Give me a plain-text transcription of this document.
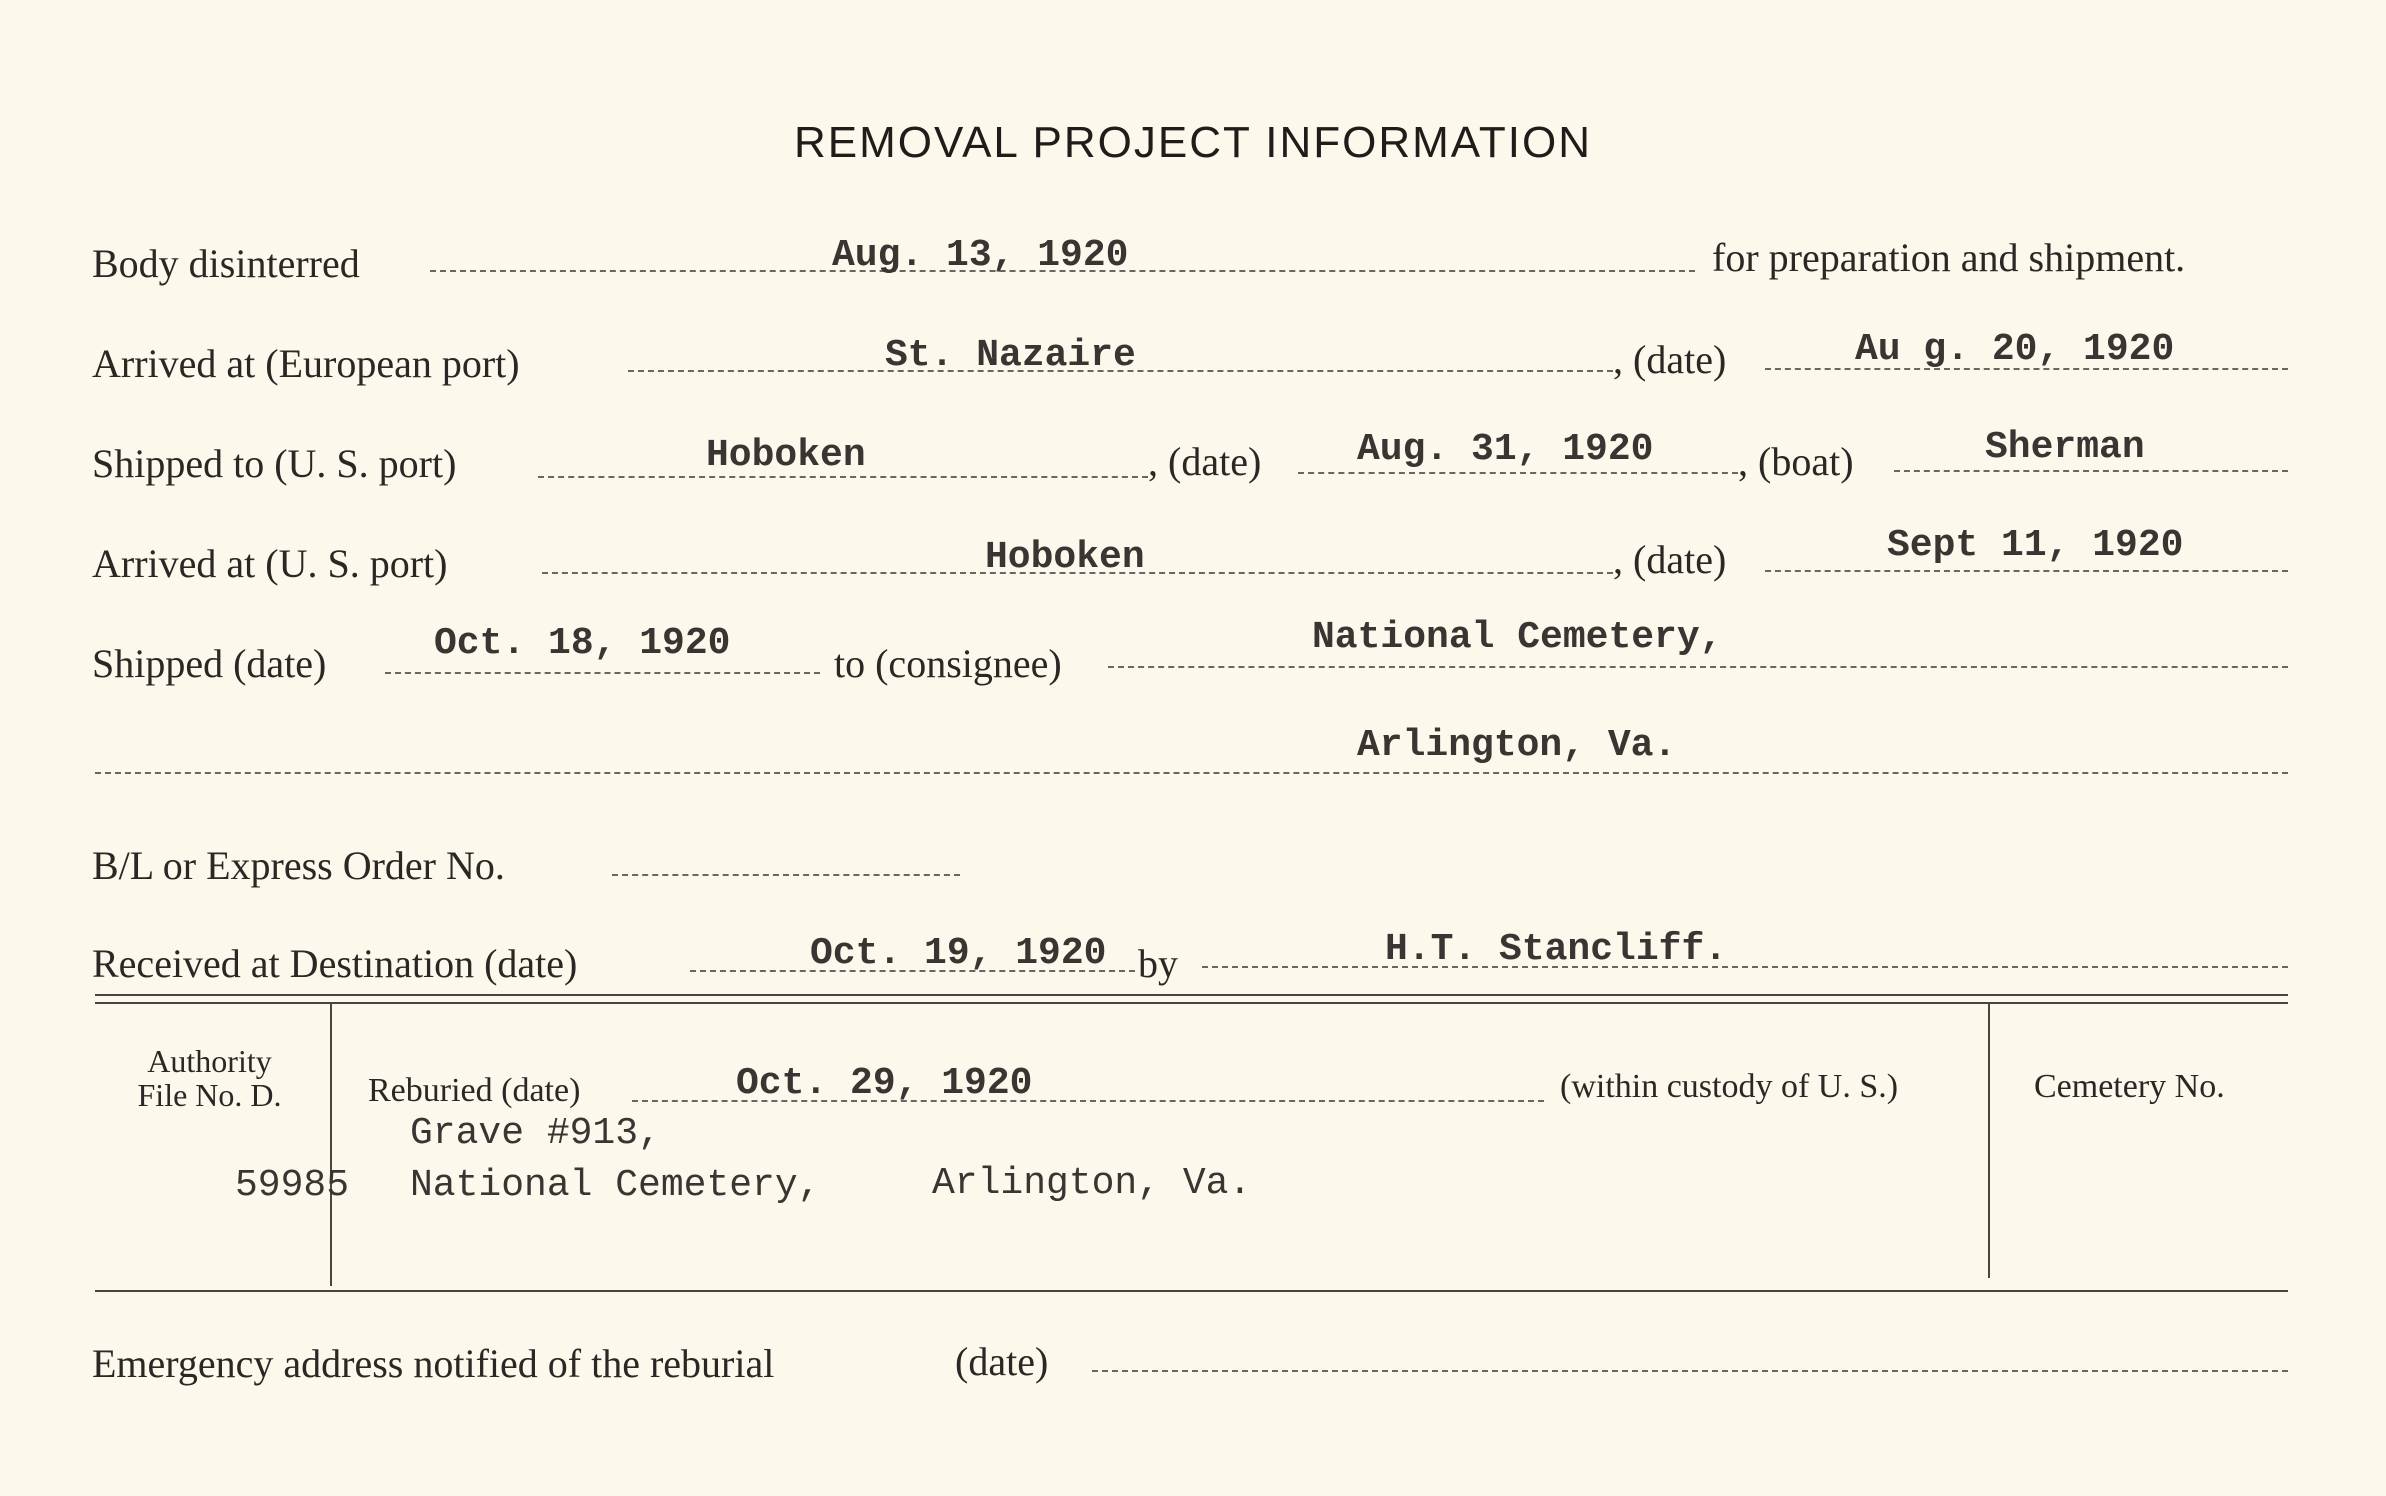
REMOVAL PROJECT INFORMATION
Body disinterred	Aug. 13, 1920	for preparation and shipment.
Arrived at (European port)	St. Nazaire	, (date)	Au g. 20, 1920
Shipped to (U. S. port)	Hoboken	, (date)	Aug. 31, 1920 , (boat)	Sherman
Arrived at (U. S. port)	Hoboken	, (date)	Sept 11, 1920
Shipped (date)	Oct. 18, 1920	to (consignee)
National Cemetery,
Arlington, Va.
B/L or Express Order No.
Received at Destination (date)	Oct. 19, 1920 by	H.T. Stancliff.
Authority
File No. D.
59985
Reburied (date)	Oct. 29, 1920	(within custody of U. S.)	Cemetery No.
Grave #913,
National Cemetery,	Arlington, Va.
Emergency address notified of the reburial	(date)
